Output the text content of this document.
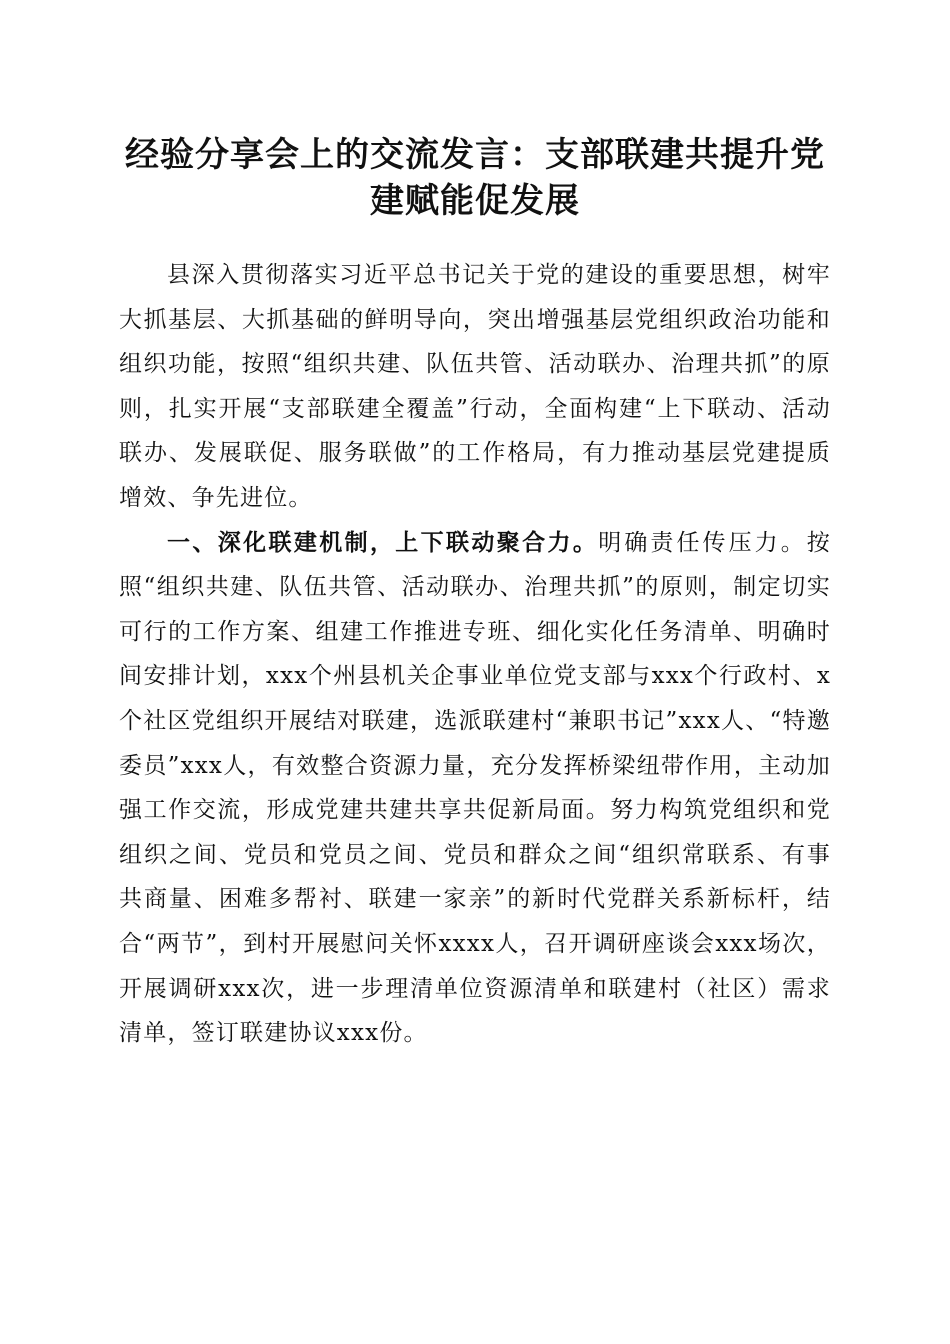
经验分享会上的交流发言：支部联建共提升党
建赋能促发展

县深入贯彻落实习近平总书记关于党的建设的重要思想，树牢大抓基层、大抓基础的鲜明导向，突出增强基层党组织政治功能和组织功能，按照“组织共建、队伍共管、活动联办、治理共抓”的原则，扎实开展“支部联建全覆盖”行动，全面构建“上下联动、活动联办、发展联促、服务联做”的工作格局，有力推动基层党建提质增效、争先进位。

一、深化联建机制，上下联动聚合力。明确责任传压力。按照“组织共建、队伍共管、活动联办、治理共抓”的原则，制定切实可行的工作方案、组建工作推进专班、细化实化任务清单、明确时间安排计划，xxx个州县机关企事业单位党支部与xxx个行政村、x个社区党组织开展结对联建，选派联建村“兼职书记”xxx人、“特邀委员”xxx人，有效整合资源力量，充分发挥桥梁纽带作用，主动加强工作交流，形成党建共建共享共促新局面。努力构筑党组织和党组织之间、党员和党员之间、党员和群众之间“组织常联系、有事共商量、困难多帮衬、联建一家亲”的新时代党群关系新标杆，结合“两节”，到村开展慰问关怀xxxx人，召开调研座谈会xxx场次，开展调研xxx次，进一步理清单位资源清单和联建村（社区）需求清单，签订联建协议xxx份。
